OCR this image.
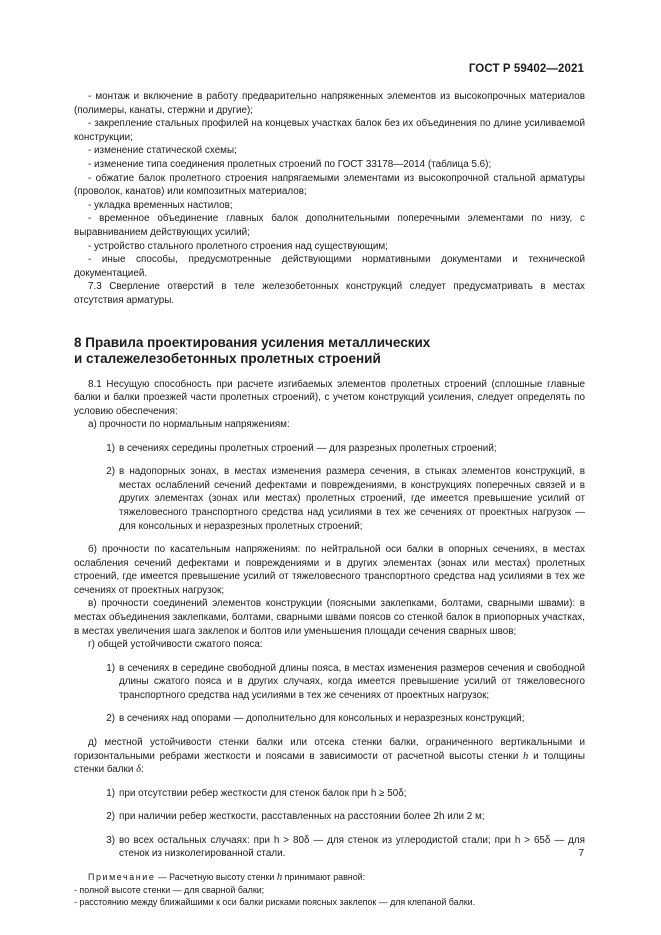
ГОСТ Р 59402—2021

- монтаж и включение в работу предварительно напряженных элементов из высокопрочных материалов (полимеры, канаты, стержни и другие);

- закрепление стальных профилей на концевых участках балок без их объединения по длине усиливаемой конструкции;

- изменение статической схемы;

- изменение типа соединения пролетных строений по ГОСТ 33178—2014 (таблица 5.6);

- обжатие балок пролетного строения напрягаемыми элементами из высокопрочной стальной арматуры (проволок, канатов) или композитных материалов;

- укладка временных настилов;

- временное объединение главных балок дополнительными поперечными элементами по низу, с выравниванием действующих усилий;

- устройство стального пролетного строения над существующим;

- иные способы, предусмотренные действующими нормативными документами и технической документацией.

7.3 Сверление отверстий в теле железобетонных конструкций следует предусматривать в местах отсутствия арматуры.

8 Правила проектирования усиления металлических
и сталежелезобетонных пролетных строений

8.1 Несущую способность при расчете изгибаемых элементов пролетных строений (сплошные главные балки и балки проезжей части пролетных строений), с учетом конструкций усиления, следует определять по условию обеспечения:

а) прочности по нормальным напряжениям:

1) в сечениях середины пролетных строений — для разрезных пролетных строений;

2) в надопорных зонах, в местах изменения размера сечения, в стыках элементов конструкций, в местах ослаблений сечений дефектами и повреждениями, в конструкциях поперечных связей и в других элементах (зонах или местах) пролетных строений, где имеется превышение усилий от тяжеловесного транспортного средства над усилиями в тех же сечениях от проектных нагрузок — для консольных и неразрезных пролетных строений;

б) прочности по касательным напряжениям: по нейтральной оси балки в опорных сечениях, в местах ослабления сечений дефектами и повреждениями и в других элементах (зонах или местах) пролетных строений, где имеется превышение усилий от тяжеловесного транспортного средства над усилиями в тех же сечениях от проектных нагрузок;

в) прочности соединений элементов конструкции (поясными заклепками, болтами, сварными швами): в местах объединения заклепками, болтами, сварными швами поясов со стенкой балок в приопорных участках, в местах увеличения шага заклепок и болтов или уменьшения площади сечения сварных швов;

г) общей устойчивости сжатого пояса:

1) в сечениях в середине свободной длины пояса, в местах изменения размеров сечения и свободной длины сжатого пояса и в других случаях, когда имеется превышение усилий от тяжеловесного транспортного средства над усилиями в тех же сечениях от проектных нагрузок;

2) в сечениях над опорами — дополнительно для консольных и неразрезных конструкций;

д) местной устойчивости стенки балки или отсека стенки балки, ограниченного вертикальными и горизонтальными ребрами жесткости и поясами в зависимости от расчетной высоты стенки h и толщины стенки балки δ:

1) при отсутствии ребер жесткости для стенок балок при h ≥ 50δ;

2) при наличии ребер жесткости, расставленных на расстоянии более 2h или 2 м;

3) во всех остальных случаях: при h > 80δ — для стенок из углеродистой стали; при h > 65δ — для стенок из низколегированной стали.

Примечание — Расчетную высоту стенки h принимают равной:

- полной высоте стенки — для сварной балки;

- расстоянию между ближайшими к оси балки рисками поясных заклепок — для клепаной балки.

7
